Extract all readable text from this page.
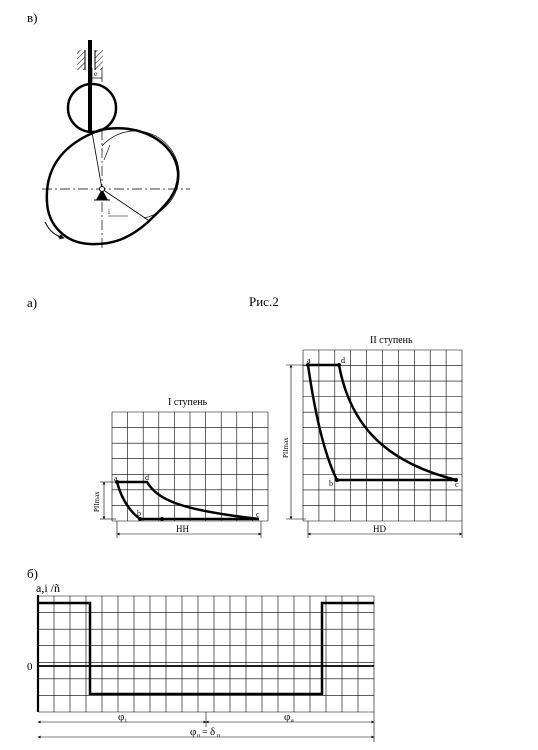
в)
а)	Рис.2
б)
e
i
ω
I ступень
a	d
b	c
PIImax
HH
II ступень
a	d
b	c
PIImax
HD
a,i /ñ
0
φ i	φ a
φ o = δ o
